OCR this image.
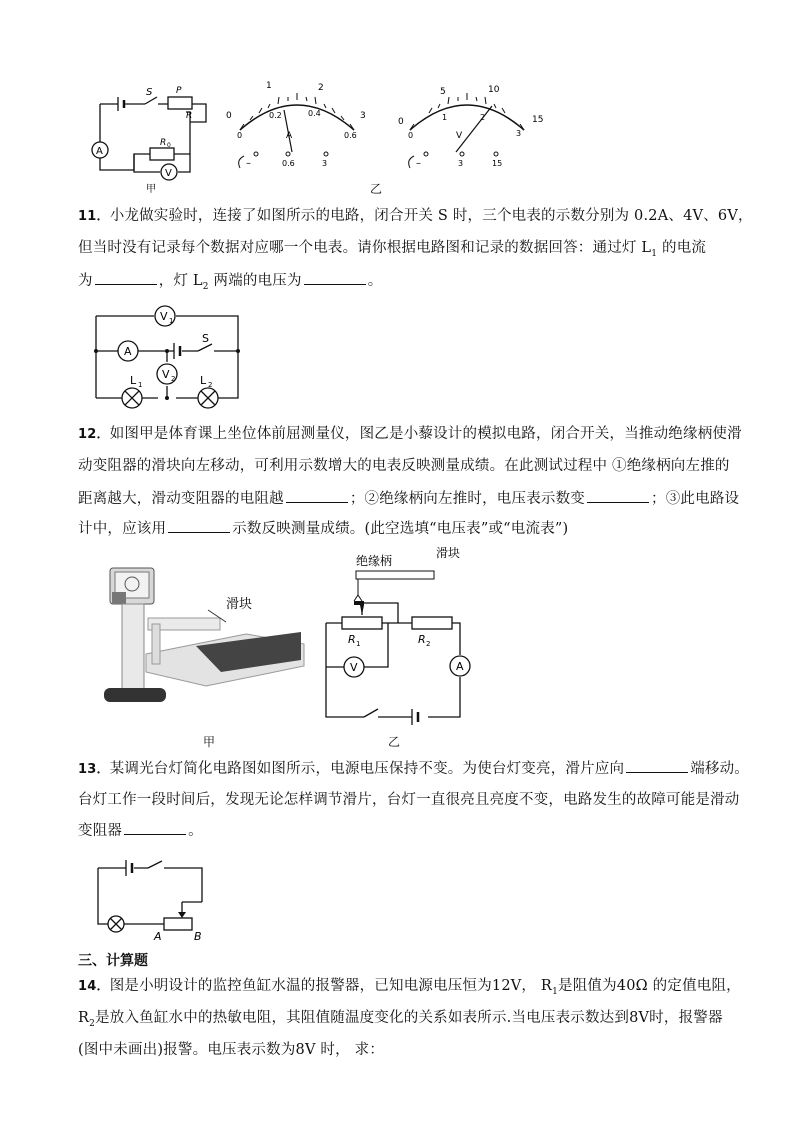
S	P
R
A
R 0
V
甲
0
1	2
3
0
0.2	0.4
0.6
A
–	0.6	3
0
5	10
15
0
1	2
3
V
–	3	15
乙
11．小龙做实验时，连接了如图所示的电路，闭合开关 S 时，三个电表的示数分别为 0.2A、4V、6V，
但当时没有记录每个数据对应哪一个电表。请你根据电路图和记录的数据回答：通过灯 $L_1$ 的电流
为	，灯 $L_2$ 两端的电压为	。
V 1
A
S
V 2
L 1	L 2
12．如图甲是体育课上坐位体前屈测量仪，图乙是小藜设计的模拟电路，闭合开关，当推动绝缘柄使滑
动变阻器的滑块向左移动，可利用示数增大的电表反映测量成绩。在此测试过程中 ①绝缘柄向左推的
距离越大，滑动变阻器的电阻越	；②绝缘柄向左推时，电压表示数变	；③此电路设
计中，应该用	示数反映测量成绩。(此空选填“电压表”或“电流表”)
滑块
甲
绝缘柄
滑块
R 1	R 2
V	A
乙
13．某调光台灯简化电路图如图所示，电源电压保持不变。为使台灯变亮，滑片应向	端移动。
台灯工作一段时间后，发现无论怎样调节滑片，台灯一直很亮且亮度不变，电路发生的故障可能是滑动
变阻器	。
A	B
三、计算题
14．图是小明设计的监控鱼缸水温的报警器，已知电源电压恒为12V， $R_1$是阻值为40Ω 的定值电阻，
$R_2$是放入鱼缸水中的热敏电阻，其阻值随温度变化的关系如表所示.当电压表示数达到8V时，报警器
(图中未画出)报警。电压表示数为8V 时， 求：
